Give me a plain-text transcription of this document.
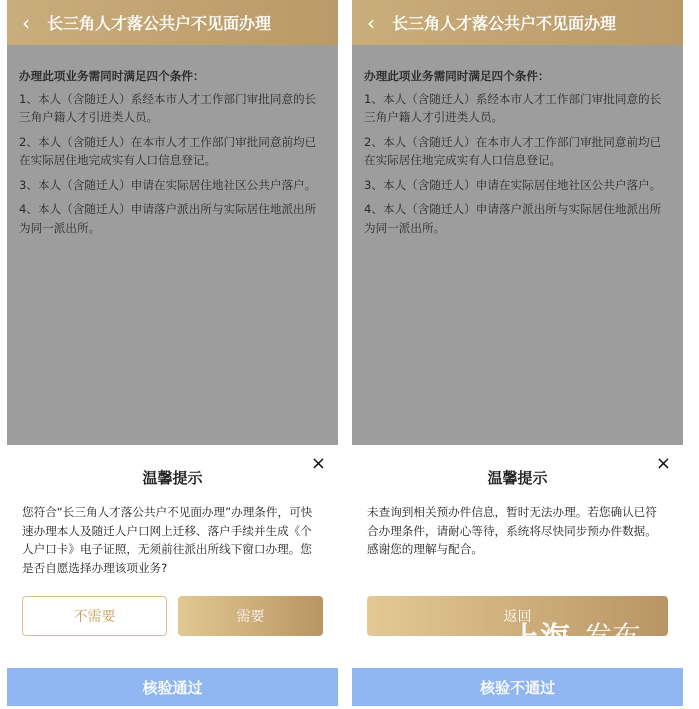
‹	长三角人才落公共户不见面办理
办理此项业务需同时满足四个条件：
1、本人（含随迁人）系经本市人才工作部门审批同意的长三角户籍人才引进类人员。
2、本人（含随迁人）在本市人才工作部门审批同意前均已在实际居住地完成实有人口信息登记。
3、本人（含随迁人）申请在实际居住地社区公共户落户。
4、本人（含随迁人）申请落户派出所与实际居住地派出所为同一派出所。
×
温馨提示
您符合“长三角人才落公共户不见面办理”办理条件，可快速办理本人及随迁人户口网上迁移、落户手续并生成《个人户口卡》电子证照，无须前往派出所线下窗口办理。您是否自愿选择办理该项业务?
不需要	需要
核验通过
‹	长三角人才落公共户不见面办理
办理此项业务需同时满足四个条件：
1、本人（含随迁人）系经本市人才工作部门审批同意的长三角户籍人才引进类人员。
2、本人（含随迁人）在本市人才工作部门审批同意前均已在实际居住地完成实有人口信息登记。
3、本人（含随迁人）申请在实际居住地社区公共户落户。
4、本人（含随迁人）申请落户派出所与实际居住地派出所为同一派出所。
×
温馨提示
未查询到相关预办件信息，暂时无法办理。若您确认已符合办理条件，请耐心等待，系统将尽快同步预办件数据。感谢您的理解与配合。
返回
核验不通过
上海 发布
